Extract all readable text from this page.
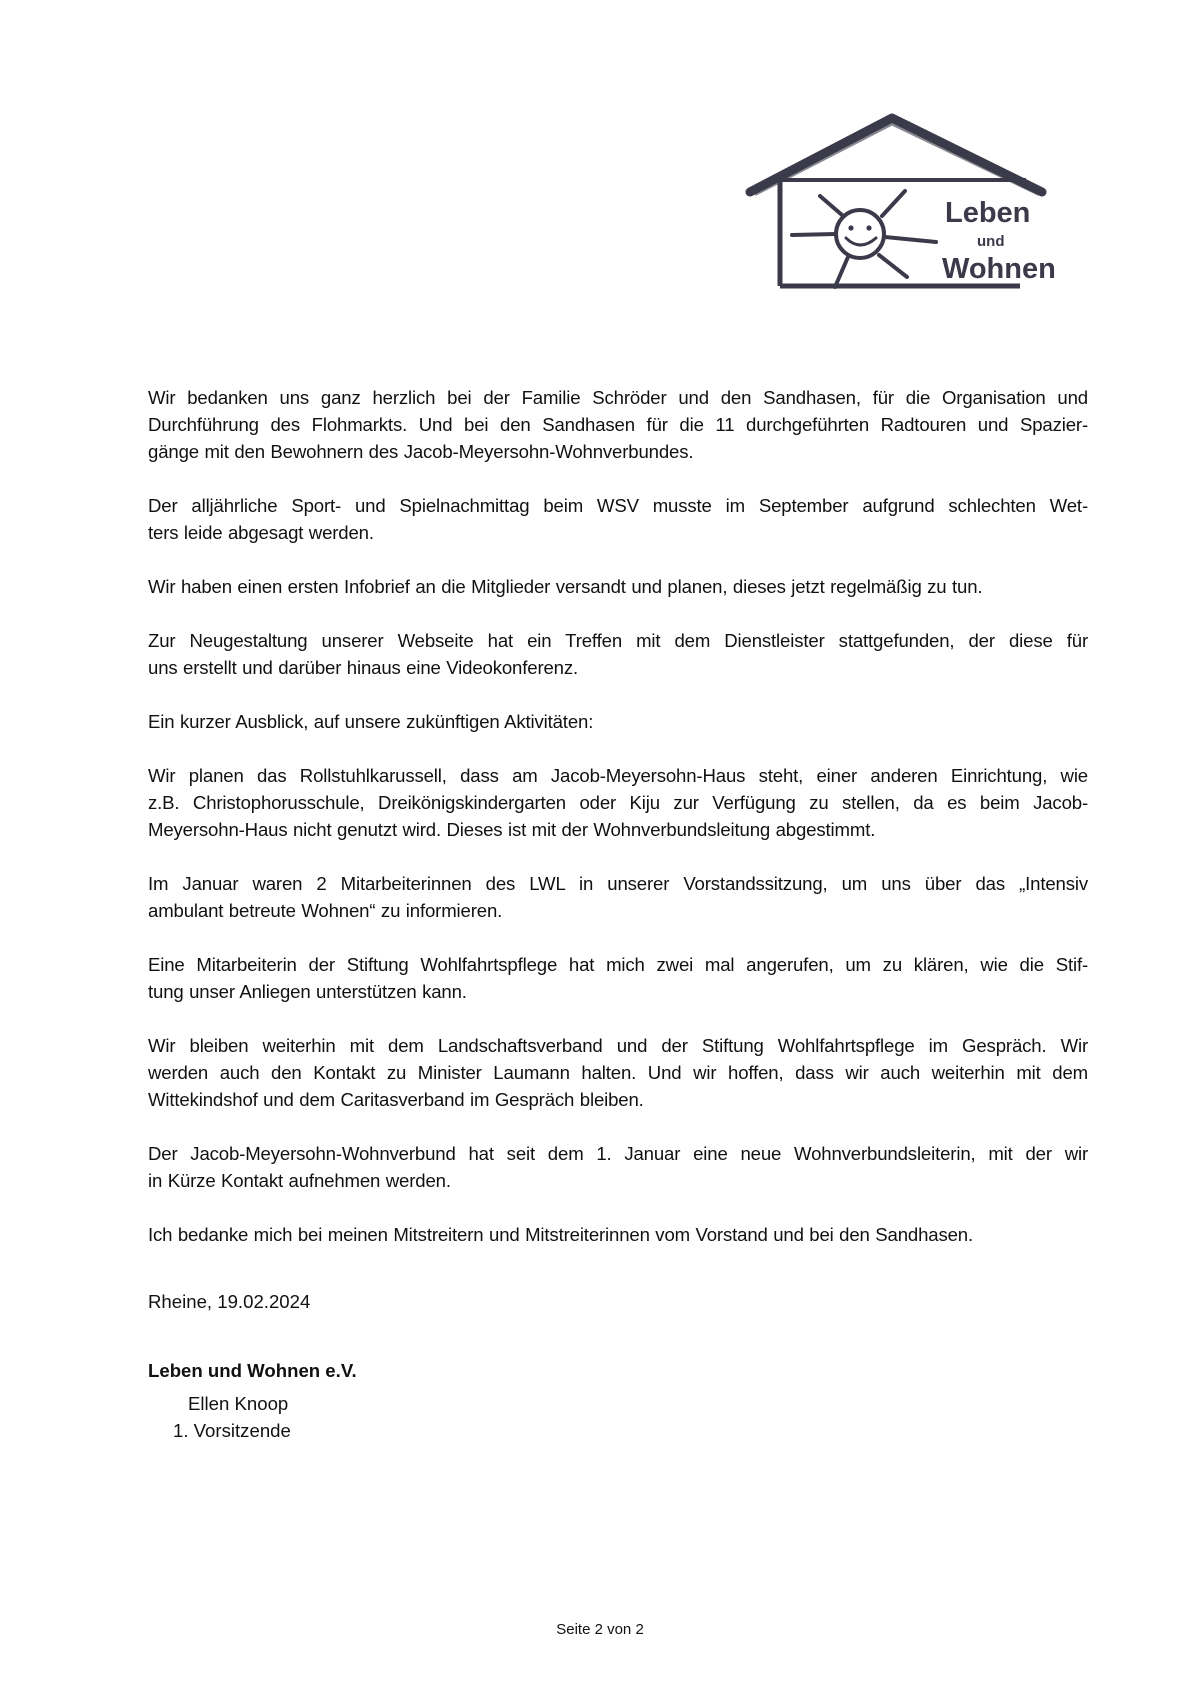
Leben
und
Wohnen

Wir bedanken uns ganz herzlich bei der Familie Schröder und den Sandhasen, für die Organisation und
Durchführung des Flohmarkts. Und bei den Sandhasen für die 11 durchgeführten Radtouren und Spazier-
gänge mit den Bewohnern des Jacob-Meyersohn-Wohnverbundes.

Der alljährliche Sport- und Spielnachmittag beim WSV musste im September aufgrund schlechten Wet-
ters leide abgesagt werden.

Wir haben einen ersten Infobrief an die Mitglieder versandt und planen, dieses jetzt regelmäßig zu tun.

Zur Neugestaltung unserer Webseite hat ein Treffen mit dem Dienstleister stattgefunden, der diese für
uns erstellt und darüber hinaus eine Videokonferenz.

Ein kurzer Ausblick, auf unsere zukünftigen Aktivitäten:

Wir planen das Rollstuhlkarussell, dass am Jacob-Meyersohn-Haus steht, einer anderen Einrichtung, wie
z.B. Christophorusschule, Dreikönigskindergarten oder Kiju zur Verfügung zu stellen, da es beim Jacob-
Meyersohn-Haus nicht genutzt wird. Dieses ist mit der Wohnverbundsleitung abgestimmt.

Im Januar waren 2 Mitarbeiterinnen des LWL in unserer Vorstandssitzung, um uns über das „Intensiv
ambulant betreute Wohnen“ zu informieren.

Eine Mitarbeiterin der Stiftung Wohlfahrtspflege hat mich zwei mal angerufen, um zu klären, wie die Stif-
tung unser Anliegen unterstützen kann.

Wir bleiben weiterhin mit dem Landschaftsverband und der Stiftung Wohlfahrtspflege im Gespräch. Wir
werden auch den Kontakt zu Minister Laumann halten. Und wir hoffen, dass wir auch weiterhin mit dem
Wittekindshof und dem Caritasverband im Gespräch bleiben.

Der Jacob-Meyersohn-Wohnverbund hat seit dem 1. Januar eine neue Wohnverbundsleiterin, mit der wir
in Kürze Kontakt aufnehmen werden.

Ich bedanke mich bei meinen Mitstreitern und Mitstreiterinnen vom Vorstand und bei den Sandhasen.

Rheine, 19.02.2024
Leben und Wohnen e.V.
Ellen Knoop
1. Vorsitzende
Seite 2 von 2
